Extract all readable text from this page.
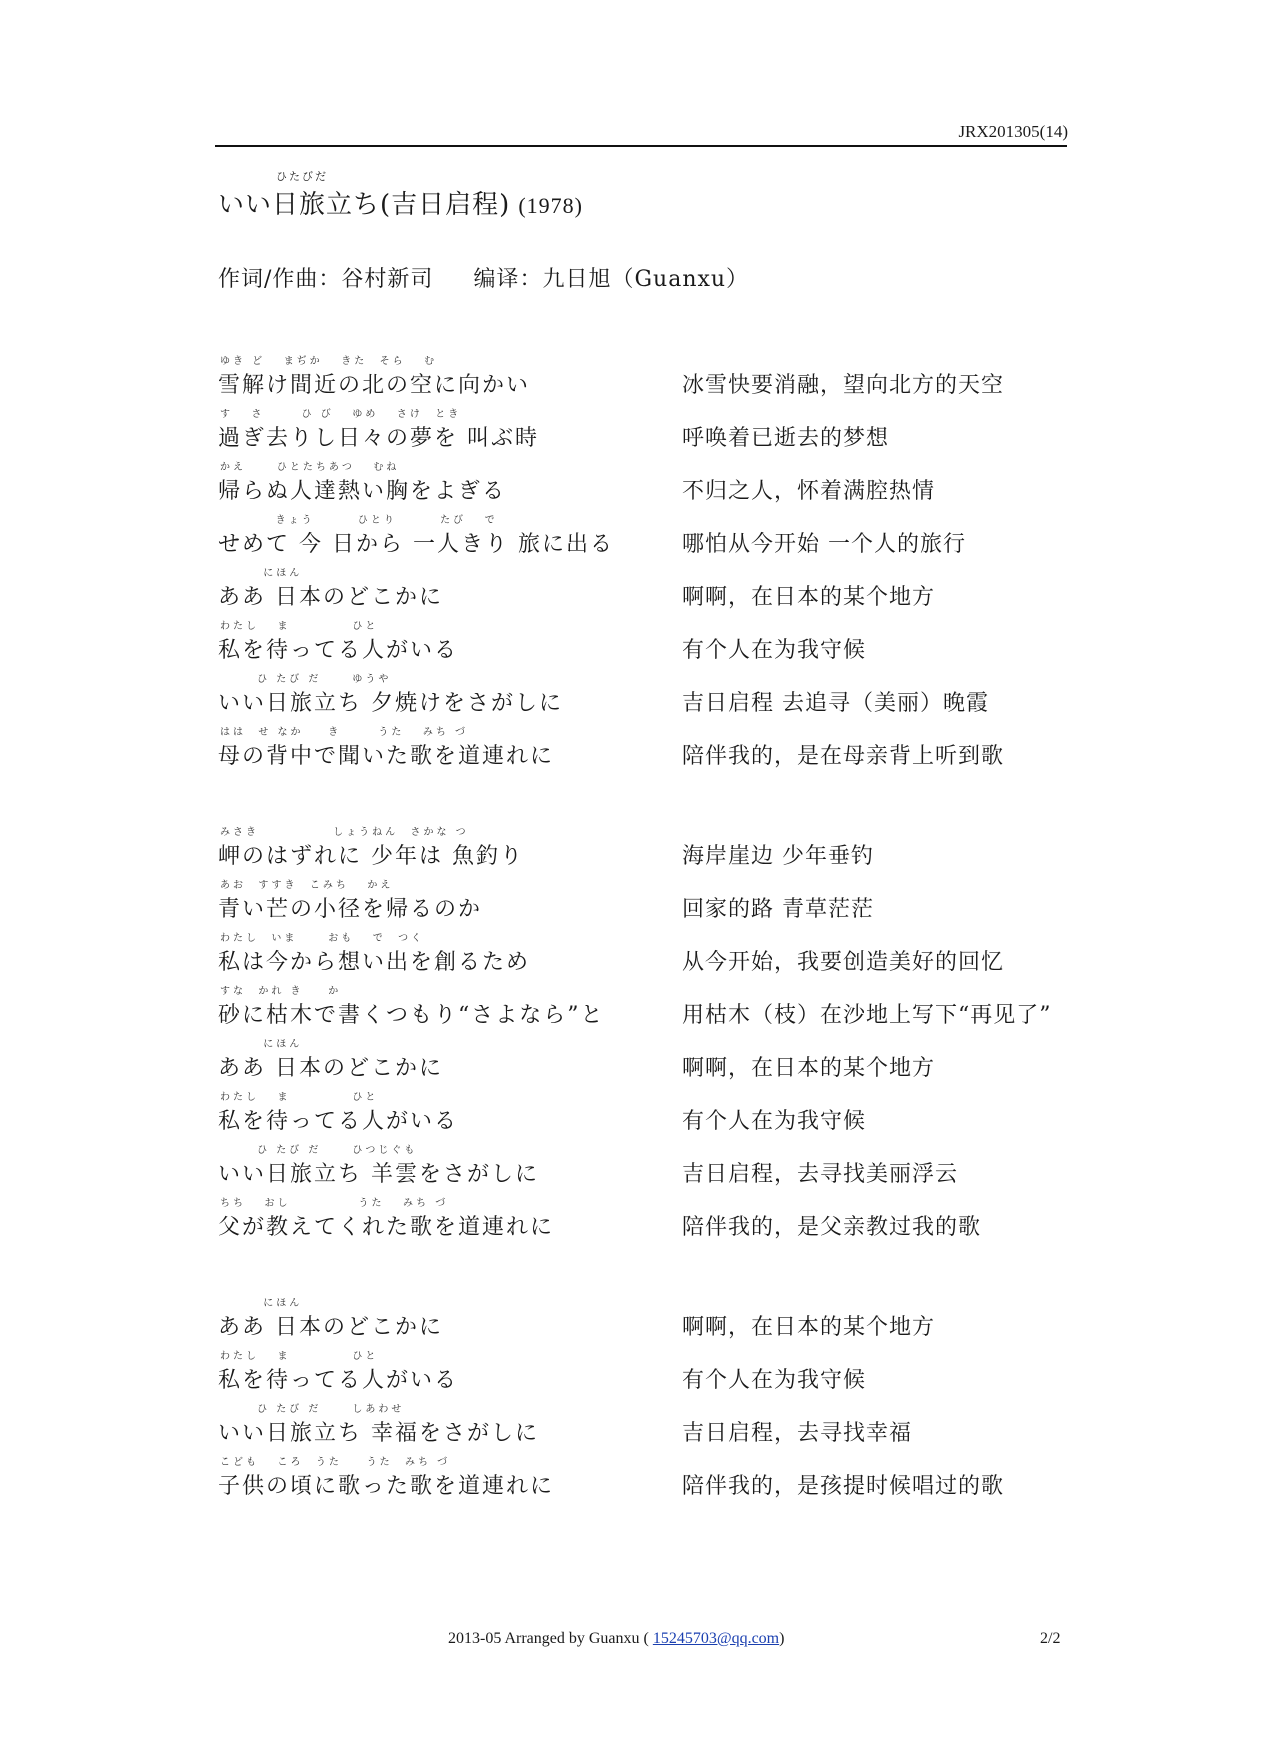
JRX201305(14)
いい
ひたびだ
日旅立ち (吉日启程) (1978)
作词/作曲：谷村新司 编译：九日旭（Guanxu）
ゆき ど   まぢか   きた  そら   む
雪解け間近の北の空に向かい	冰雪快要消融，望向北方的天空
す   さ      ひ び   ゆめ   さけ  とき
過ぎ去りし日々の夢を 叫ぶ時	呼唤着已逝去的梦想
かえ     ひとたちあつ   むね
帰らぬ人達熱い胸をよぎる	不归之人，怀着满腔热情
きょう       ひとり       たび   で
せめて 今 日から 一人きり 旅に出る	哪怕从今开始 一个人的旅行
にほん
ああ 日本のどこかに	啊啊，在日本的某个地方
わたし   ま          ひと
私を待ってる人がいる	有个人在为我守候
ひ たび だ     ゆうや
いい日旅立ち 夕焼けをさがしに	吉日启程 去追寻（美丽）晚霞
はは  せ なか    き      うた   みち づ
母の背中で聞いた歌を道連れに	陪伴我的，是在母亲背上听到歌
みさき            しょうねん  さかな つ
岬のはずれに 少年は 魚釣り	海岸崖边 少年垂钓
あお  すすき  こみち   かえ
青い芒の小径を帰るのか	回家的路 青草茫茫
わたし  いま     おも   で  つく
私は今から想い出を創るため	从今开始，我要创造美好的回忆
すな  かれ き    か
砂に枯木で書くつもり“さよなら”と	用枯木（枝）在沙地上写下“再见了”
にほん
ああ 日本のどこかに	啊啊，在日本的某个地方
わたし   ま          ひと
私を待ってる人がいる	有个人在为我守候
ひ たび だ     ひつじぐも
いい日旅立ち 羊雲をさがしに	吉日启程，去寻找美丽浮云
ちち   おし           うた   みち づ
父が教えてくれた歌を道連れに	陪伴我的，是父亲教过我的歌
にほん
ああ 日本のどこかに	啊啊，在日本的某个地方
わたし   ま          ひと
私を待ってる人がいる	有个人在为我守候
ひ たび だ     しあわせ
いい日旅立ち 幸福をさがしに	吉日启程，去寻找幸福
こども   ころ  うた    うた  みち づ
子供の頃に歌った歌を道連れに	陪伴我的，是孩提时候唱过的歌
2013-05 Arranged by Guanxu ( 15245703@qq.com)	2/2
